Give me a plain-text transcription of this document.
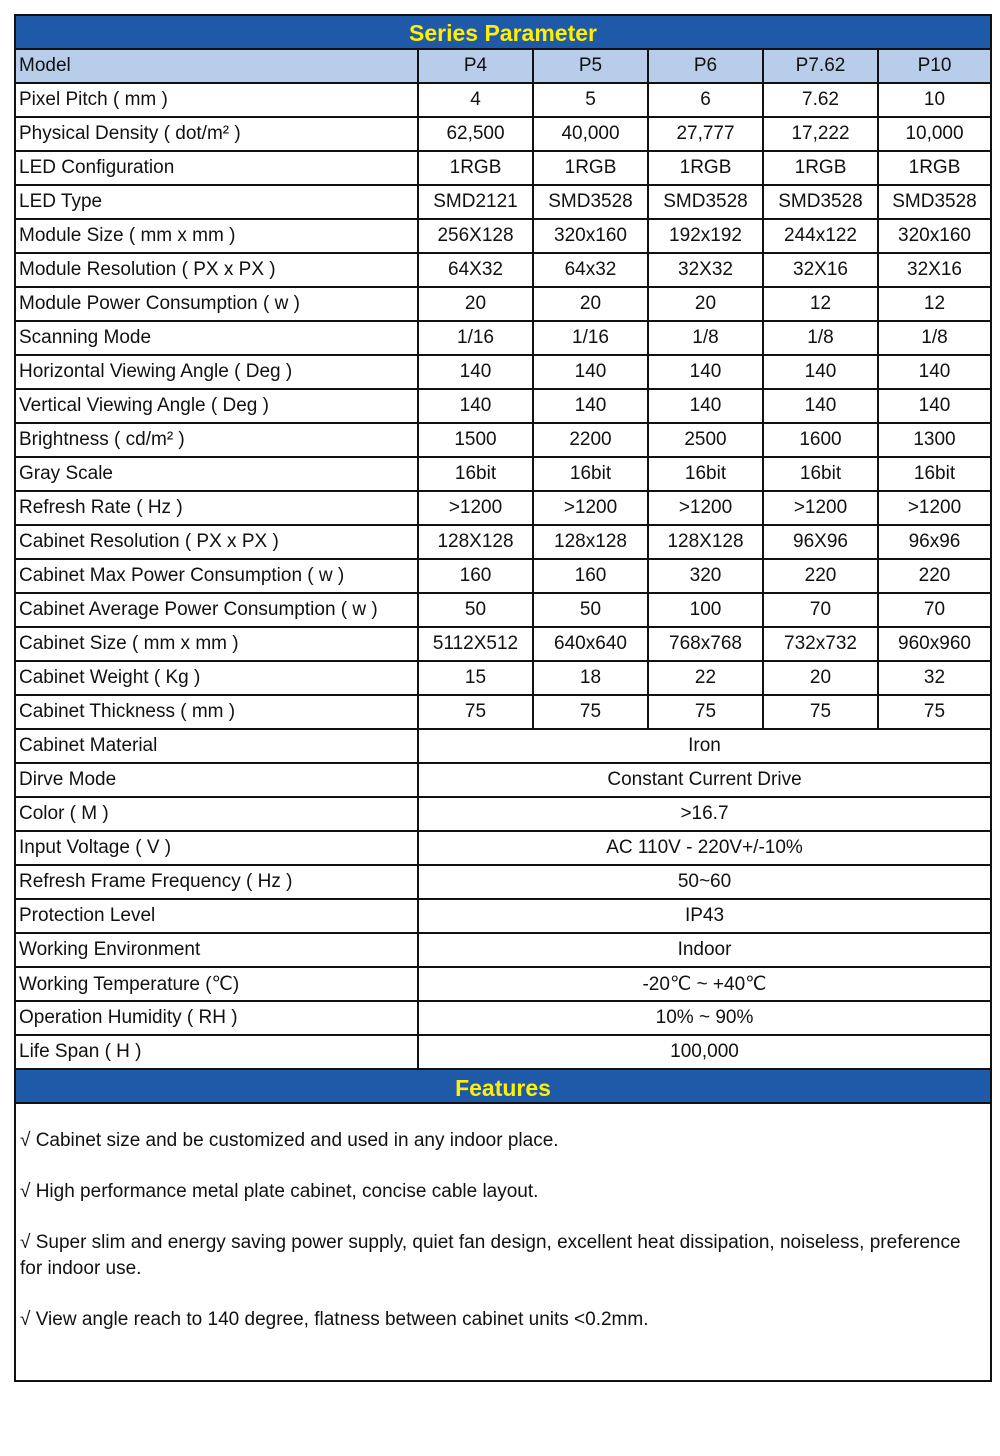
Series Parameter
Model	P4	P5	P6	P7.62	P10
Pixel Pitch ( mm )	4	5	6	7.62	10
Physical Density ( dot/m² )	62,500	40,000	27,777	17,222	10,000
LED Configuration	1RGB	1RGB	1RGB	1RGB	1RGB
LED Type	SMD2121	SMD3528	SMD3528	SMD3528	SMD3528
Module Size ( mm x mm )	256X128	320x160	192x192	244x122	320x160
Module Resolution ( PX x PX )	64X32	64x32	32X32	32X16	32X16
Module Power Consumption ( w )	20	20	20	12	12
Scanning Mode	1/16	1/16	1/8	1/8	1/8
Horizontal Viewing Angle ( Deg )	140	140	140	140	140
Vertical Viewing Angle ( Deg )	140	140	140	140	140
Brightness ( cd/m² )	1500	2200	2500	1600	1300
Gray Scale	16bit	16bit	16bit	16bit	16bit
Refresh Rate ( Hz )	>1200	>1200	>1200	>1200	>1200
Cabinet Resolution ( PX x PX )	128X128	128x128	128X128	96X96	96x96
Cabinet Max Power Consumption ( w )	160	160	320	220	220
Cabinet Average Power Consumption ( w )	50	50	100	70	70
Cabinet Size ( mm x mm )	5112X512	640x640	768x768	732x732	960x960
Cabinet Weight ( Kg )	15	18	22	20	32
Cabinet Thickness ( mm )	75	75	75	75	75
Cabinet Material	Iron				
Dirve Mode	Constant Current Drive				
Color ( M )	>16.7				
Input Voltage ( V )	AC 110V - 220V+/-10%				
Refresh Frame Frequency ( Hz )	50~60				
Protection Level	IP43				
Working Environment	Indoor				
Working Temperature (℃)	-20℃ ~ +40℃				
Operation Humidity ( RH )	10% ~ 90%				
Life Span ( H )	100,000				
Features

√ Cabinet size and be customized and used in any indoor place.

√ High performance metal plate cabinet, concise cable layout.

√ Super slim and energy saving power supply, quiet fan design, excellent heat dissipation, noiseless, preference for indoor use.

√ View angle reach to 140 degree, flatness between cabinet units <0.2mm.
